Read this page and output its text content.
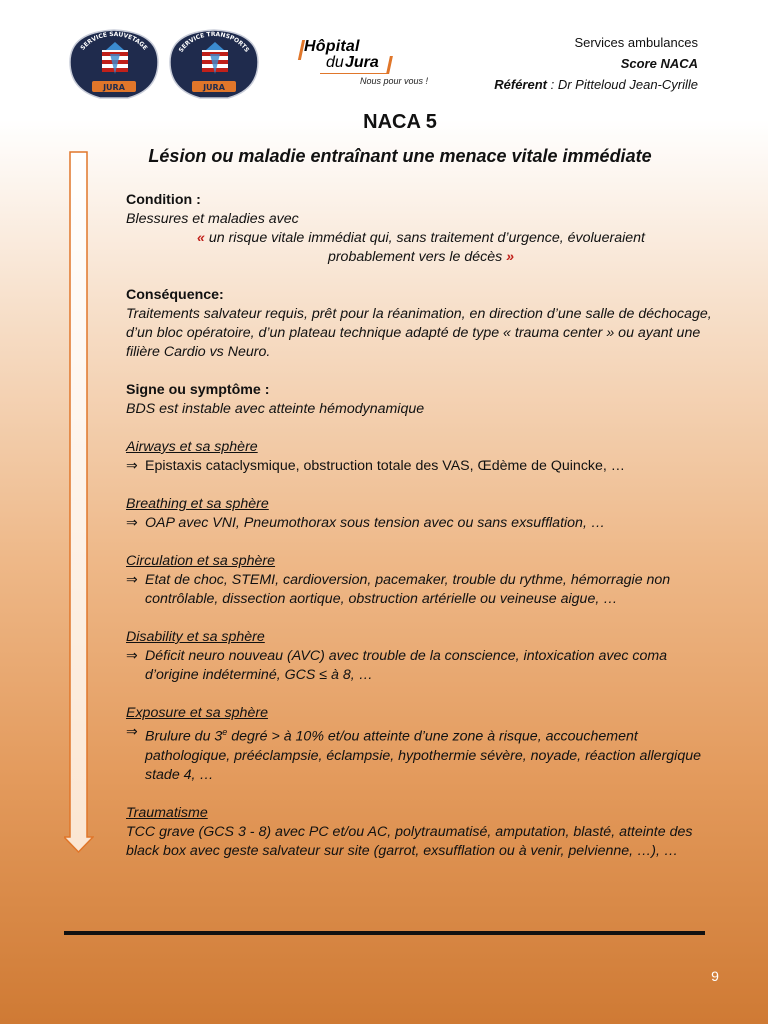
SERVICE SAUVETAGE
JURA
SERVICE TRANSPORTS
JURA
Hôpital
du Jura
Nous pour vous !
Services ambulances
Score NACA
Référent : Dr Pitteloud Jean-Cyrille
NACA 5
Lésion ou maladie entraînant une menace vitale immédiate
Condition :
Blessures et maladies avec
« un risque vitale immédiat qui, sans traitement d’urgence, évolueraient
probablement vers le décès »
Conséquence:
Traitements salvateur requis, prêt pour la réanimation, en direction d’une salle de déchocage, d’un bloc opératoire, d’un plateau technique adapté de type « trauma center » ou ayant une filière Cardio vs Neuro.
Signe ou symptôme :
BDS est instable avec atteinte hémodynamique
Airways et sa sphère
⇒ Epistaxis cataclysmique, obstruction totale des VAS, Œdème de Quincke, …
Breathing et sa sphère
⇒ OAP avec VNI, Pneumothorax sous tension avec ou sans exsufflation, …
Circulation et sa sphère
⇒ Etat de choc, STEMI, cardioversion, pacemaker, trouble du rythme, hémorragie non contrôlable, dissection aortique, obstruction artérielle ou veineuse aigue, …
Disability et sa sphère
⇒ Déficit neuro nouveau (AVC) avec trouble de la conscience, intoxication avec coma d’origine indéterminé, GCS ≤ à 8, …
Exposure et sa sphère
⇒ Brulure du 3e degré > à 10% et/ou atteinte d’une zone à risque, accouchement pathologique, prééclampsie, éclampsie, hypothermie sévère, noyade, réaction allergique stade 4, …
Traumatisme
TCC grave (GCS 3 - 8) avec PC et/ou AC, polytraumatisé, amputation, blasté, atteinte des black box avec geste salvateur sur site (garrot, exsufflation ou à venir, pelvienne, …), …
9
